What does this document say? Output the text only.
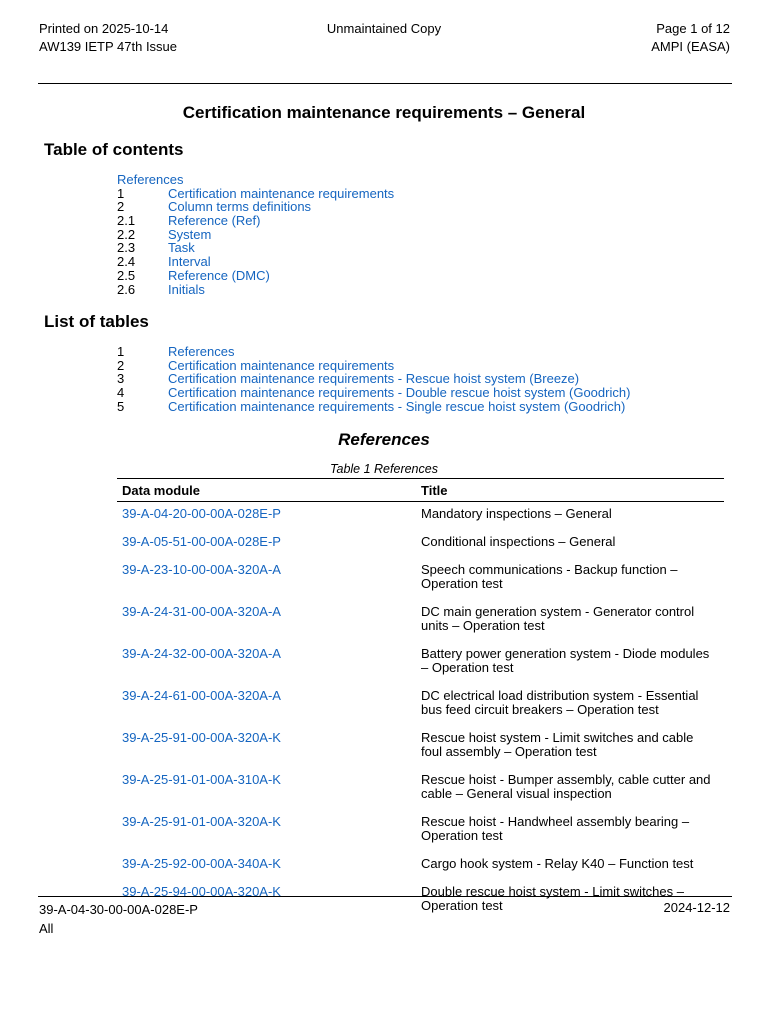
Printed on 2025-10-14
AW139 IETP 47th Issue
Unmaintained Copy	Page 1 of 12
AMPI (EASA)
Certification maintenance requirements – General
Table of contents
References
1	Certification maintenance requirements
2	Column terms definitions
2.1	Reference (Ref)
2.2	System
2.3	Task
2.4	Interval
2.5	Reference (DMC)
2.6	Initials
List of tables
1	References
2	Certification maintenance requirements
3	Certification maintenance requirements - Rescue hoist system (Breeze)
4	Certification maintenance requirements - Double rescue hoist system (Goodrich)
5	Certification maintenance requirements - Single rescue hoist system (Goodrich)
References
Table 1 References
Data module	Title
39-A-04-20-00-00A-028E-P	Mandatory inspections – General
39-A-05-51-00-00A-028E-P	Conditional inspections – General
39-A-23-10-00-00A-320A-A	Speech communications - Backup function –
Operation test
39-A-24-31-00-00A-320A-A	DC main generation system - Generator control
units – Operation test
39-A-24-32-00-00A-320A-A	Battery power generation system - Diode modules
– Operation test
39-A-24-61-00-00A-320A-A	DC electrical load distribution system - Essential
bus feed circuit breakers – Operation test
39-A-25-91-00-00A-320A-K	Rescue hoist system - Limit switches and cable
foul assembly – Operation test
39-A-25-91-01-00A-310A-K	Rescue hoist - Bumper assembly, cable cutter and
cable – General visual inspection
39-A-25-91-01-00A-320A-K	Rescue hoist - Handwheel assembly bearing –
Operation test
39-A-25-92-00-00A-340A-K	Cargo hook system - Relay K40 – Function test
39-A-25-94-00-00A-320A-K	Double rescue hoist system - Limit switches –
Operation test
39-A-04-30-00-00A-028E-P
All
2024-12-12
